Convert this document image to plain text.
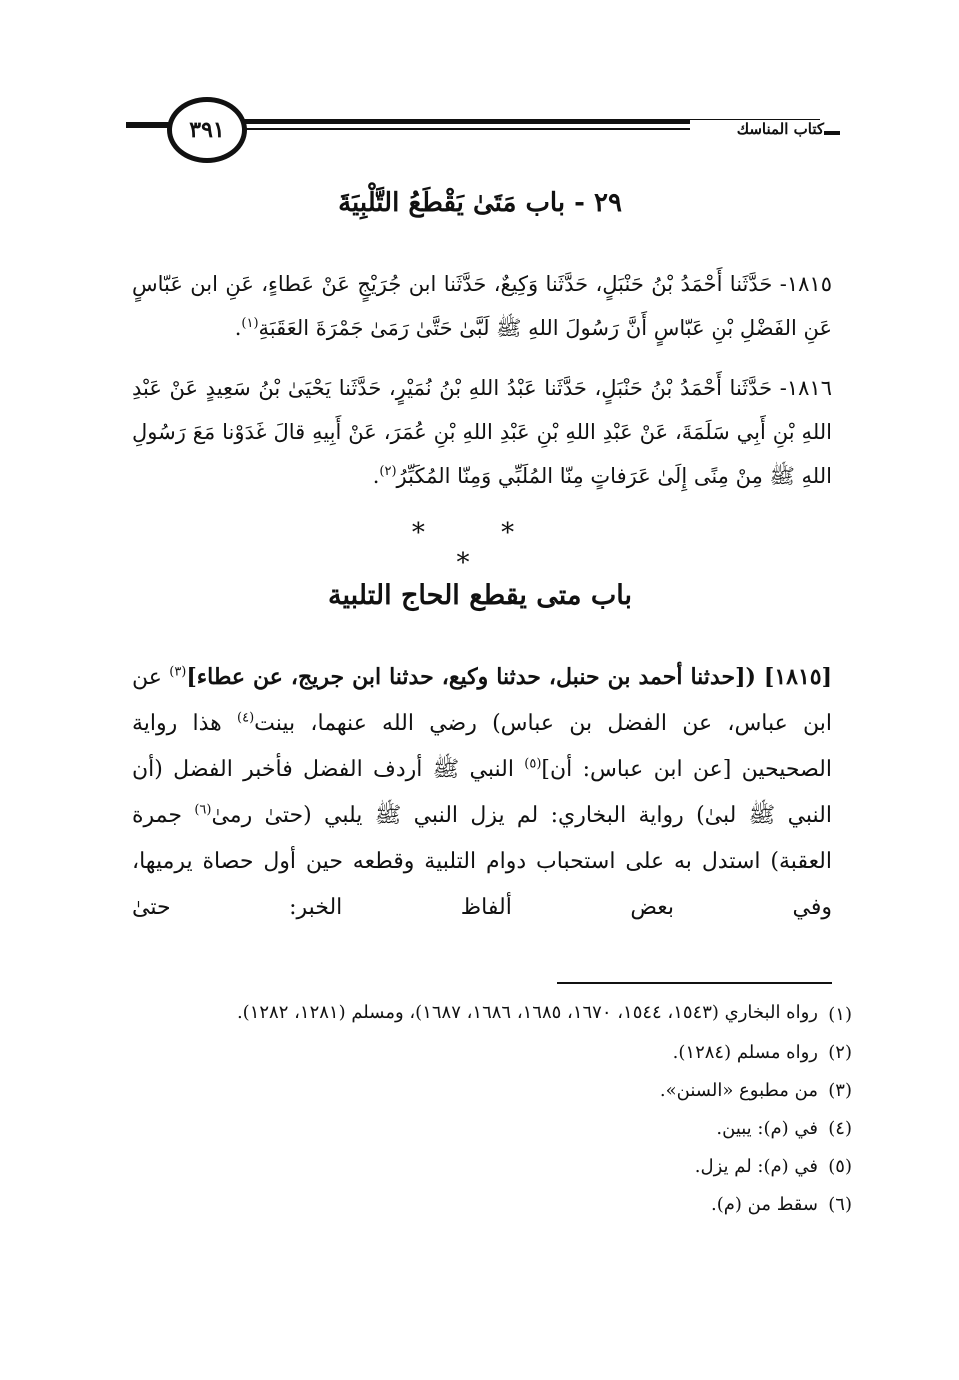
٣٩١	كتاب المناسك
٢٩ - باب مَتَىٰ يَقْطَعُ التَّلْبِيَةَ
١٨١٥- حَدَّثَنا أَحْمَدُ بْنُ حَنْبَلٍ، حَدَّثَنا وَكِيعٌ، حَدَّثَنا ابن جُرَيْجٍ عَنْ عَطاءٍ، عَنِ ابن عَبّاسٍ عَنِ الفَضْلِ بْنِ عَبّاسٍ أَنَّ رَسُولَ اللهِ ﷺ لَبَّىٰ حَتَّىٰ رَمَىٰ جَمْرَةَ العَقَبَةِ$^{(١)}$.
١٨١٦- حَدَّثَنا أَحْمَدُ بْنُ حَنْبَلٍ، حَدَّثَنا عَبْدُ اللهِ بْنُ نُمَيْرٍ، حَدَّثَنا يَحْيَىٰ بْنُ سَعِيدٍ عَنْ عَبْدِ اللهِ بْنِ أَبِي سَلَمَةَ، عَنْ عَبْدِ اللهِ بْنِ عَبْدِ اللهِ بْنِ عُمَرَ، عَنْ أَبِيهِ قالَ غَدَوْنا مَعَ رَسُولِ اللهِ ﷺ مِنْ مِنًى إِلَىٰ عَرَفاتٍ مِنّا المُلَبِّي وَمِنّا المُكَبِّرُ$^{(٢)}$.
* * *
باب متى يقطع الحاج التلبية
[١٨١٥] ([حدثنا أحمد بن حنبل، حدثنا وكيع، حدثنا ابن جريج، عن عطاء]$^{(٣)}$ عن ابن عباس، عن الفضل بن عباس) رضي الله عنهما، بينت$^{(٤)}$ هذا رواية الصحيحين [عن ابن عباس: أن]$^{(٥)}$ النبي ﷺ أردف الفضل فأخبر الفضل (أن النبي ﷺ لبىٰ) رواية البخاري: لم يزل النبي ﷺ يلبي (حتىٰ رمىٰ$^{(٦)}$ جمرة العقبة) استدل به على استحباب دوام التلبية وقطعه حين أول حصاة يرميها، وفي بعض ألفاظ الخبر: حتىٰ
(١)
رواه البخاري (١٥٤٣، ١٥٤٤، ١٦٧٠، ١٦٨٥، ١٦٨٦، ١٦٨٧)، ومسلم (١٢٨١، ١٢٨٢).
(٢)
رواه مسلم (١٢٨٤).
(٣)
من مطبوع «السنن».
(٤)
في (م): يبين.
(٥)
في (م): لم يزل.
(٦)
سقط من (م).
